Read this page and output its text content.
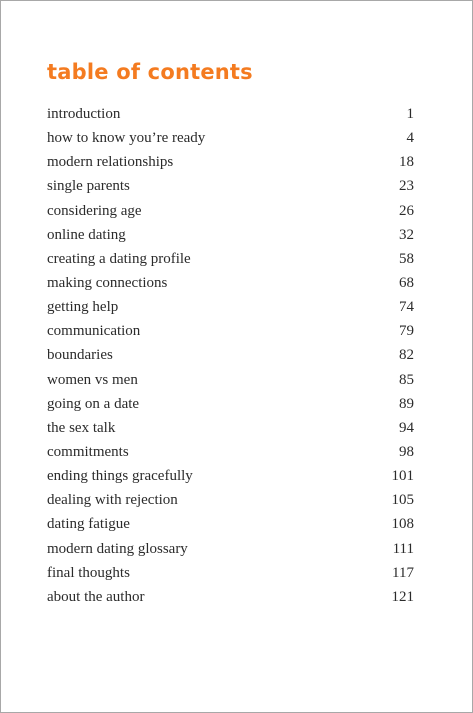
table of contents
introduction	1
how to know you’re ready	4
modern relationships	18
single parents	23
considering age	26
online dating	32
creating a dating profile	58
making connections	68
getting help	74
communication	79
boundaries	82
women vs men	85
going on a date	89
the sex talk	94
commitments	98
ending things gracefully	101
dealing with rejection	105
dating fatigue	108
modern dating glossary	111
final thoughts	117
about the author	121
